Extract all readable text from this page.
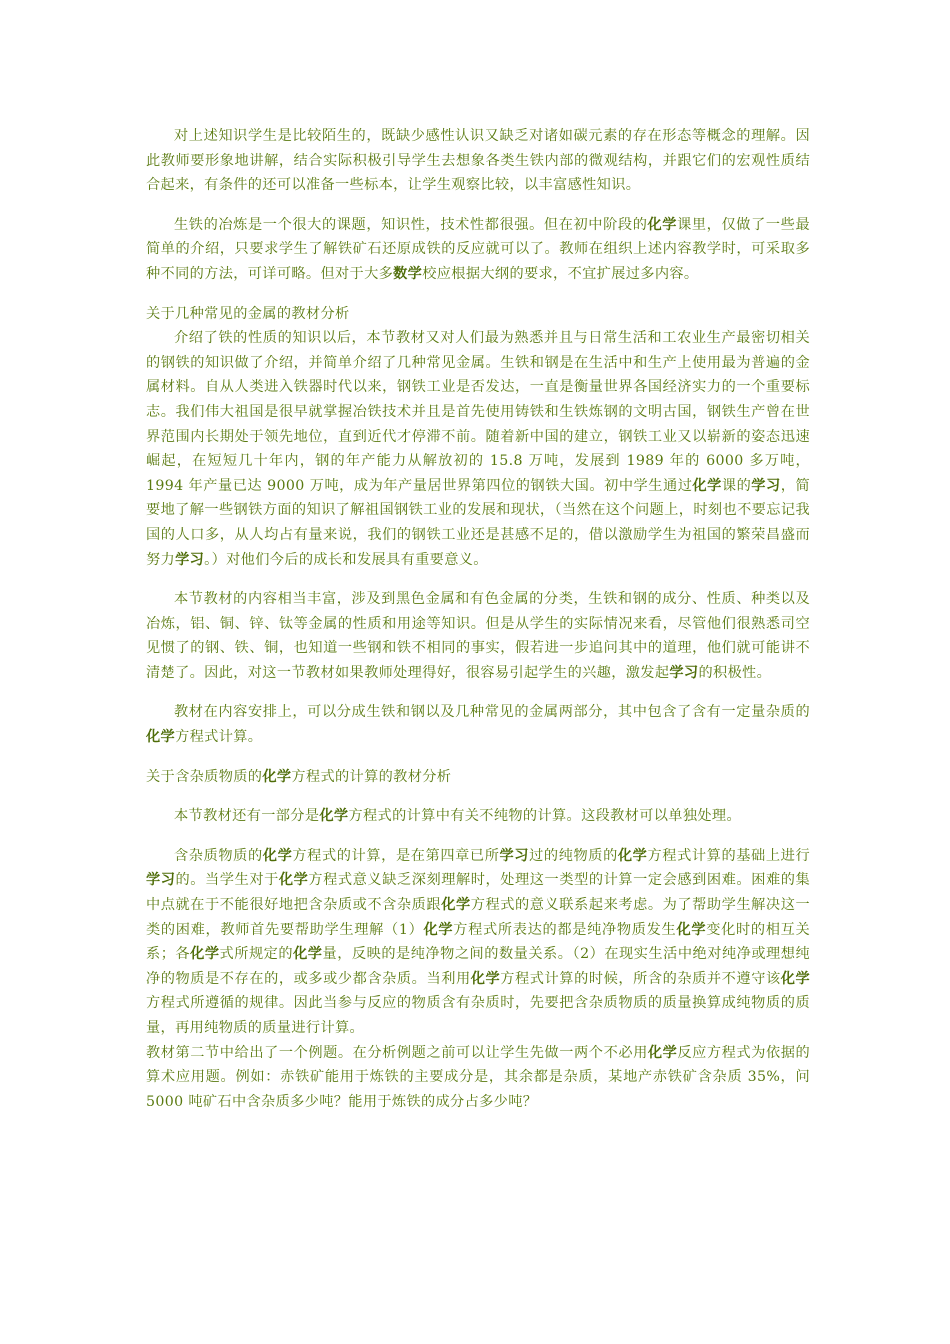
对上述知识学生是比较陌生的，既缺少感性认识又缺乏对诸如碳元素的存在形态等概念的理解。因此教师要形象地讲解，结合实际积极引导学生去想象各类生铁内部的微观结构，并跟它们的宏观性质结合起来，有条件的还可以准备一些标本，让学生观察比较，以丰富感性知识。

生铁的冶炼是一个很大的课题，知识性，技术性都很强。但在初中阶段的化学课里，仅做了一些最简单的介绍，只要求学生了解铁矿石还原成铁的反应就可以了。教师在组织上述内容教学时，可采取多种不同的方法，可详可略。但对于大多数学校应根据大纲的要求，不宜扩展过多内容。

关于几种常见的金属的教材分析

介绍了铁的性质的知识以后，本节教材又对人们最为熟悉并且与日常生活和工农业生产最密切相关的钢铁的知识做了介绍，并简单介绍了几种常见金属。生铁和钢是在生活中和生产上使用最为普遍的金属材料。自从人类进入铁器时代以来，钢铁工业是否发达，一直是衡量世界各国经济实力的一个重要标志。我们伟大祖国是很早就掌握冶铁技术并且是首先使用铸铁和生铁炼钢的文明古国，钢铁生产曾在世界范围内长期处于领先地位，直到近代才停滞不前。随着新中国的建立，钢铁工业又以崭新的姿态迅速崛起，在短短几十年内，钢的年产能力从解放初的 15.8 万吨，发展到 1989 年的 6000 多万吨，1994 年产量已达 9000 万吨，成为年产量居世界第四位的钢铁大国。初中学生通过化学课的学习，简要地了解一些钢铁方面的知识了解祖国钢铁工业的发展和现状，（当然在这个问题上，时刻也不要忘记我国的人口多，从人均占有量来说，我们的钢铁工业还是甚感不足的，借以激励学生为祖国的繁荣昌盛而努力学习。）对他们今后的成长和发展具有重要意义。

本节教材的内容相当丰富，涉及到黑色金属和有色金属的分类，生铁和钢的成分、性质、种类以及冶炼，铝、铜、锌、钛等金属的性质和用途等知识。但是从学生的实际情况来看，尽管他们很熟悉司空见惯了的钢、铁、铜，也知道一些钢和铁不相同的事实，假若进一步追问其中的道理，他们就可能讲不清楚了。因此，对这一节教材如果教师处理得好，很容易引起学生的兴趣，激发起学习的积极性。

教材在内容安排上，可以分成生铁和钢以及几种常见的金属两部分，其中包含了含有一定量杂质的化学方程式计算。

关于含杂质物质的化学方程式的计算的教材分析

本节教材还有一部分是化学方程式的计算中有关不纯物的计算。这段教材可以单独处理。

含杂质物质的化学方程式的计算，是在第四章已所学习过的纯物质的化学方程式计算的基础上进行学习的。当学生对于化学方程式意义缺乏深刻理解时，处理这一类型的计算一定会感到困难。困难的集中点就在于不能很好地把含杂质或不含杂质跟化学方程式的意义联系起来考虑。为了帮助学生解决这一类的困难，教师首先要帮助学生理解（1）化学方程式所表达的都是纯净物质发生化学变化时的相互关系；各化学式所规定的化学量，反映的是纯净物之间的数量关系。（2）在现实生活中绝对纯净或理想纯净的物质是不存在的，或多或少都含杂质。当利用化学方程式计算的时候，所含的杂质并不遵守该化学方程式所遵循的规律。因此当参与反应的物质含有杂质时，先要把含杂质物质的质量换算成纯物质的质量，再用纯物质的质量进行计算。

教材第二节中给出了一个例题。在分析例题之前可以让学生先做一两个不必用化学反应方程式为依据的算术应用题。例如：赤铁矿能用于炼铁的主要成分是，其余都是杂质，某地产赤铁矿含杂质 35%，问 5000 吨矿石中含杂质多少吨？能用于炼铁的成分占多少吨？
